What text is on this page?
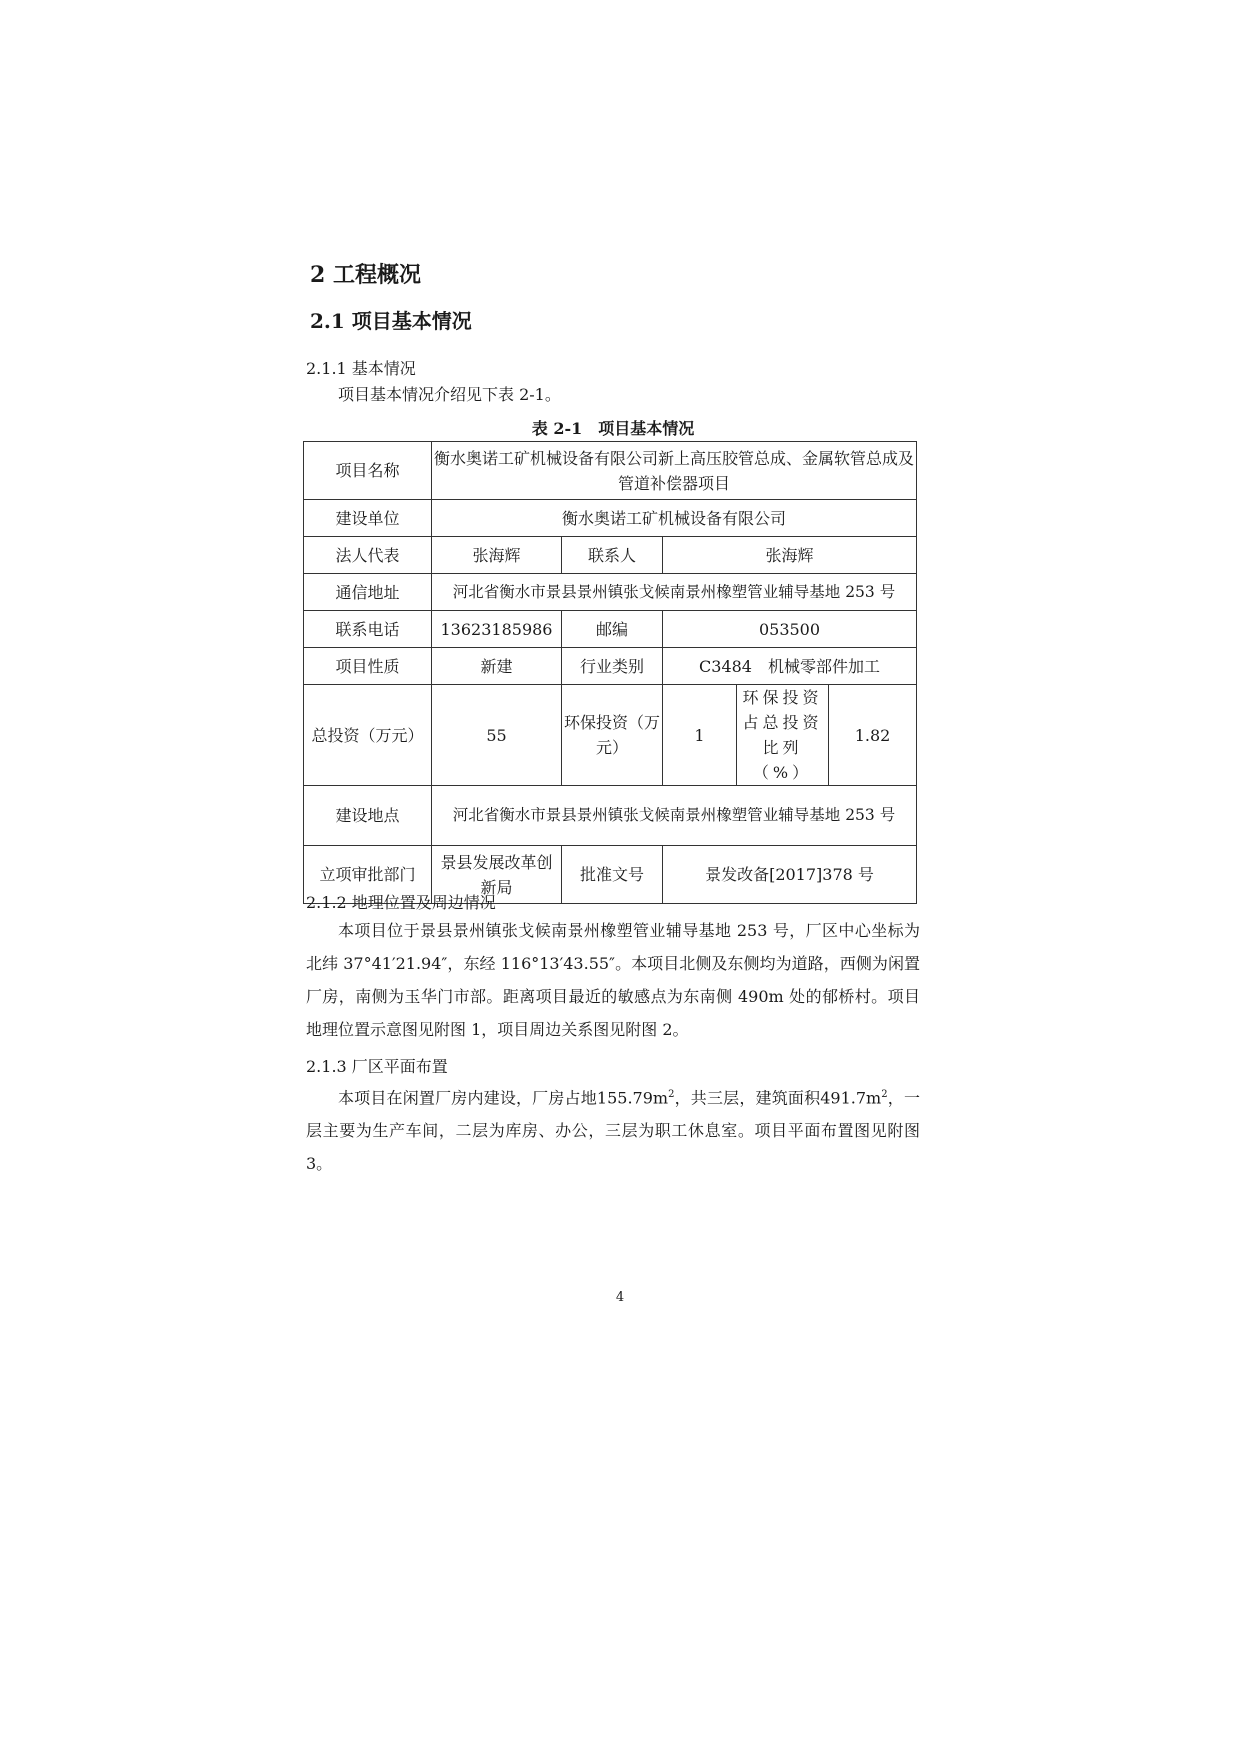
2 工程概况
2.1 项目基本情况
2.1.1 基本情况

项目基本情况介绍见下表 2-1。

表 2-1　项目基本情况
项目名称	衡水奥诺工矿机械设备有限公司新上高压胶管总成、金属软管总成及管道补偿器项目				
建设单位	衡水奥诺工矿机械设备有限公司				
法人代表	张海辉	联系人	张海辉		
通信地址	河北省衡水市景县景州镇张戈候南景州橡塑管业辅导基地 253 号				
联系电话	13623185986	邮编	053500		
项目性质	新建	行业类别	C3484　机械零部件加工		
总投资（万元）	55	环保投资（万元）	1	环保投资占总投资比列（%）	1.82
建设地点	河北省衡水市景县景州镇张戈候南景州橡塑管业辅导基地 253 号				
立项审批部门	景县发展改革创新局	批准文号	景发改备[2017]378 号		
2.1.2 地理位置及周边情况

本项目位于景县景州镇张戈候南景州橡塑管业辅导基地 253 号，厂区中心坐标为北纬 37°41′21.94″，东经 116°13′43.55″。本项目北侧及东侧均为道路，西侧为闲置厂房，南侧为玉华门市部。距离项目最近的敏感点为东南侧 490m 处的郁桥村。项目地理位置示意图见附图 1，项目周边关系图见附图 2。

2.1.3 厂区平面布置

本项目在闲置厂房内建设，厂房占地$155.79m^2$，共三层，建筑面积$491.7m^2$，一层主要为生产车间，二层为库房、办公，三层为职工休息室。项目平面布置图见附图3。

4
